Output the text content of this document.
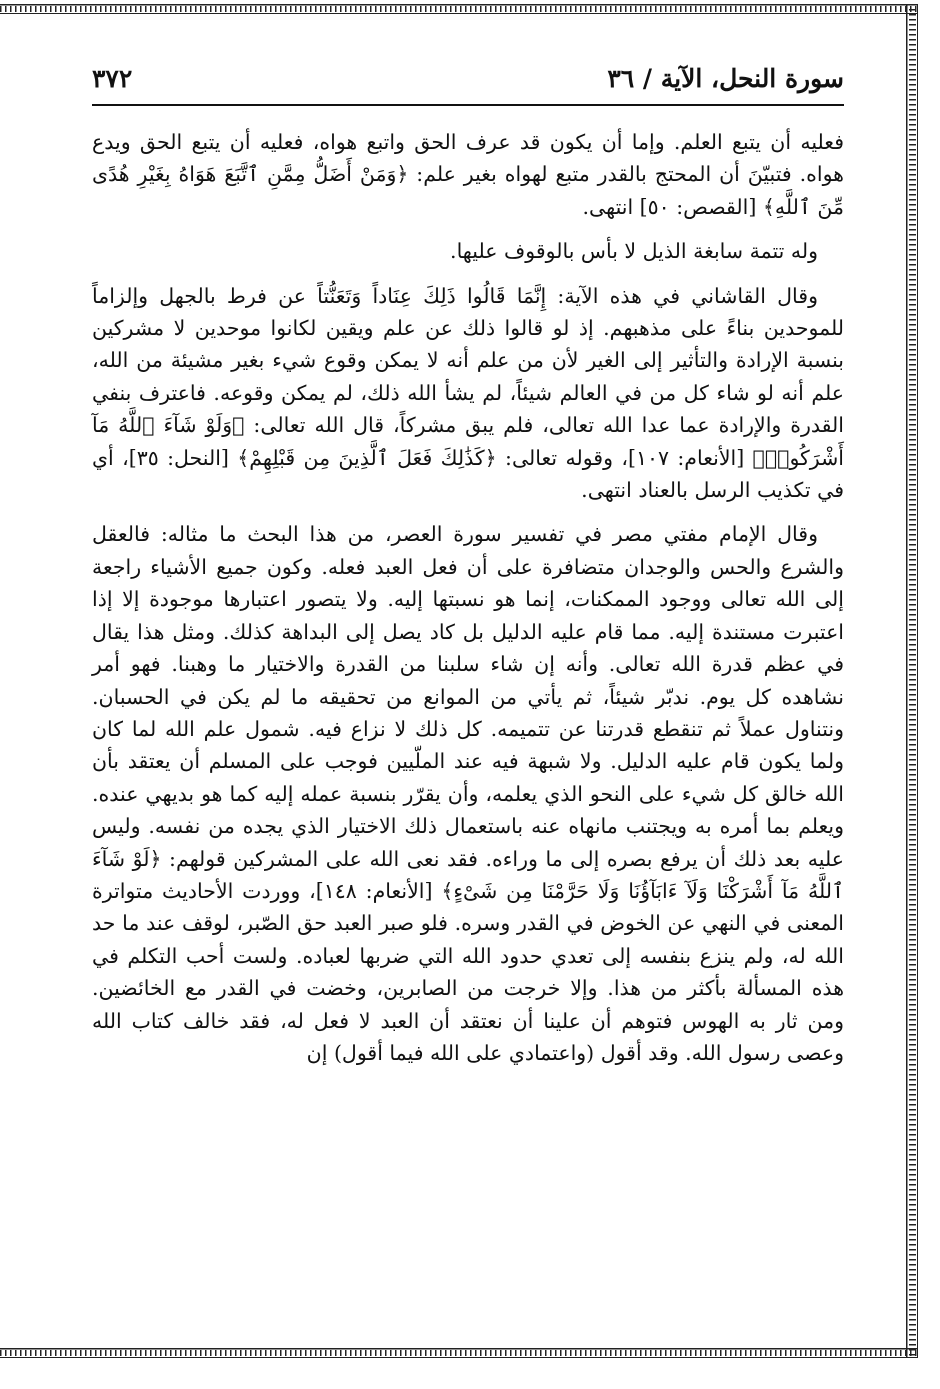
سورة النحل، الآية / ٣٦
٣٧٢

فعليه أن يتبع العلم. وإما أن يكون قد عرف الحق واتبع هواه، فعليه أن يتبع الحق ويدع هواه. فتبيّنَ أن المحتج بالقدر متبع لهواه بغير علم: ﴿وَمَنْ أَضَلُّ مِمَّنِ ٱتَّبَعَ هَوَاهُ بِغَيْرِ هُدًى مِّنَ ٱللَّهِ﴾ [القصص: ٥٠] انتهى.

وله تتمة سابغة الذيل لا بأس بالوقوف عليها.

وقال القاشاني في هذه الآية: إِنَّمَا قَالُوا ذَلِكَ عِنَاداً وَتَعَنُّتاً عن فرط بالجهل وإلزاماً للموحدين بناءً على مذهبهم. إذ لو قالوا ذلك عن علم ويقين لكانوا موحدين لا مشركين بنسبة الإرادة والتأثير إلى الغير لأن من علم أنه لا يمكن وقوع شيء بغير مشيئة من الله، علم أنه لو شاء كل من في العالم شيئاً، لم يشأ الله ذلك، لم يمكن وقوعه. فاعترف بنفي القدرة والإرادة عما عدا الله تعالى، فلم يبق مشركاً، قال الله تعالى: ﴿وَلَوْ شَآءَ ٱللَّهُ مَآ أَشْرَكُوا۟﴾ [الأنعام: ١٠٧]، وقوله تعالى: ﴿كَذَٰلِكَ فَعَلَ ٱلَّذِينَ مِن قَبْلِهِمْ﴾ [النحل: ٣٥]، أي في تكذيب الرسل بالعناد انتهى.

وقال الإمام مفتي مصر في تفسير سورة العصر، من هذا البحث ما مثاله: فالعقل والشرع والحس والوجدان متضافرة على أن فعل العبد فعله. وكون جميع الأشياء راجعة إلى الله تعالى ووجود الممكنات، إنما هو نسبتها إليه. ولا يتصور اعتبارها موجودة إلا إذا اعتبرت مستندة إليه. مما قام عليه الدليل بل كاد يصل إلى البداهة كذلك. ومثل هذا يقال في عظم قدرة الله تعالى. وأنه إن شاء سلبنا من القدرة والاختيار ما وهبنا. فهو أمر نشاهده كل يوم. ندبّر شيئاً، ثم يأتي من الموانع من تحقيقه ما لم يكن في الحسبان. ونتناول عملاً ثم تنقطع قدرتنا عن تتميمه. كل ذلك لا نزاع فيه. شمول علم الله لما كان ولما يكون قام عليه الدليل. ولا شبهة فيه عند الملّيين فوجب على المسلم أن يعتقد بأن الله خالق كل شيء على النحو الذي يعلمه، وأن يقرّر بنسبة عمله إليه كما هو بديهي عنده. ويعلم بما أمره به ويجتنب مانهاه عنه باستعمال ذلك الاختيار الذي يجده من نفسه. وليس عليه بعد ذلك أن يرفع بصره إلى ما وراءه. فقد نعى الله على المشركين قولهم: ﴿لَوْ شَآءَ ٱللَّهُ مَآ أَشْرَكْنَا وَلَآ ءَابَآؤُنَا وَلَا حَرَّمْنَا مِن شَىْءٍ﴾ [الأنعام: ١٤٨]، ووردت الأحاديث متواترة المعنى في النهي عن الخوض في القدر وسره. فلو صبر العبد حق الصّبر، لوقف عند ما حد الله له، ولم ينزع بنفسه إلى تعدي حدود الله التي ضربها لعباده. ولست أحب التكلم في هذه المسألة بأكثر من هذا. وإلا خرجت من الصابرين، وخضت في القدر مع الخائضين. ومن ثار به الهوس فتوهم أن علينا أن نعتقد أن العبد لا فعل له، فقد خالف كتاب الله وعصى رسول الله. وقد أقول (واعتمادي على الله فيما أقول) إن
